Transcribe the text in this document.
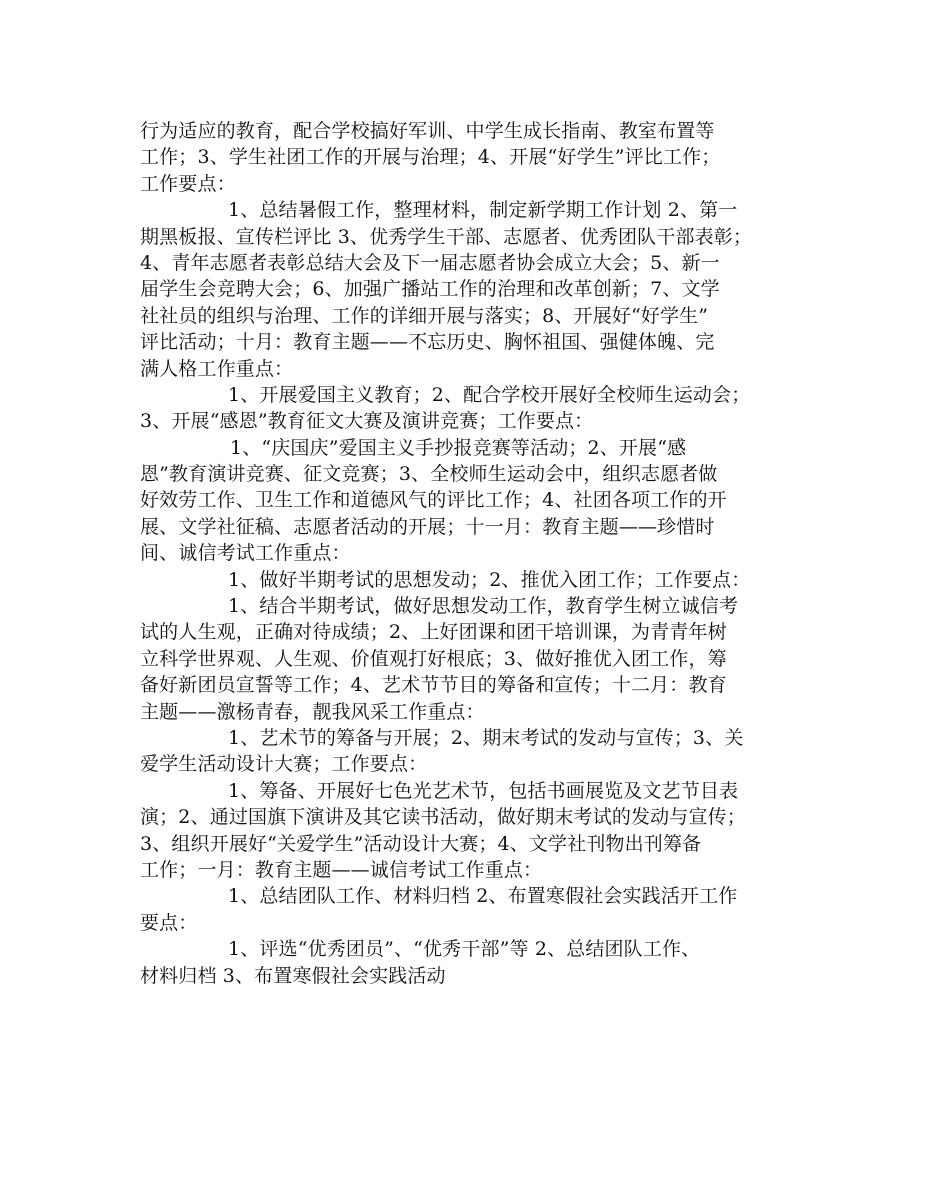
行为适应的教育，配合学校搞好军训、中学生成长指南、教室布置等
工作；3、学生社团工作的开展与治理；4、开展“好学生”评比工作；
工作要点：
1、总结暑假工作，整理材料，制定新学期工作计划 2、第一
期黑板报、宣传栏评比 3、优秀学生干部、志愿者、优秀团队干部表彰；
4、青年志愿者表彰总结大会及下一届志愿者协会成立大会；5、新一
届学生会竞聘大会；6、加强广播站工作的治理和改革创新；7、文学
社社员的组织与治理、工作的详细开展与落实；8、开展好“好学生”
评比活动；十月：教育主题——不忘历史、胸怀祖国、强健体魄、完
满人格工作重点：
1、开展爱国主义教育；2、配合学校开展好全校师生运动会；
3、开展“感恩”教育征文大赛及演讲竞赛；工作要点：
1、“庆国庆”爱国主义手抄报竞赛等活动；2、开展“感
恩”教育演讲竞赛、征文竞赛；3、全校师生运动会中，组织志愿者做
好效劳工作、卫生工作和道德风气的评比工作；4、社团各项工作的开
展、文学社征稿、志愿者活动的开展；十一月：教育主题——珍惜时
间、诚信考试工作重点：
1、做好半期考试的思想发动；2、推优入团工作；工作要点：
1、结合半期考试，做好思想发动工作，教育学生树立诚信考
试的人生观，正确对待成绩；2、上好团课和团干培训课，为青青年树
立科学世界观、人生观、价值观打好根底；3、做好推优入团工作，筹
备好新团员宣誓等工作；4、艺术节节目的筹备和宣传；十二月：教育
主题——激杨青春，靓我风采工作重点：
1、艺术节的筹备与开展；2、期末考试的发动与宣传；3、关
爱学生活动设计大赛；工作要点：
1、筹备、开展好七色光艺术节，包括书画展览及文艺节目表
演；2、通过国旗下演讲及其它读书活动，做好期末考试的发动与宣传；
3、组织开展好“关爱学生”活动设计大赛；4、文学社刊物出刊筹备
工作；一月：教育主题——诚信考试工作重点：
1、总结团队工作、材料归档 2、布置寒假社会实践活开工作
要点：
1、评选“优秀团员”、“优秀干部”等 2、总结团队工作、
材料归档 3、布置寒假社会实践活动
